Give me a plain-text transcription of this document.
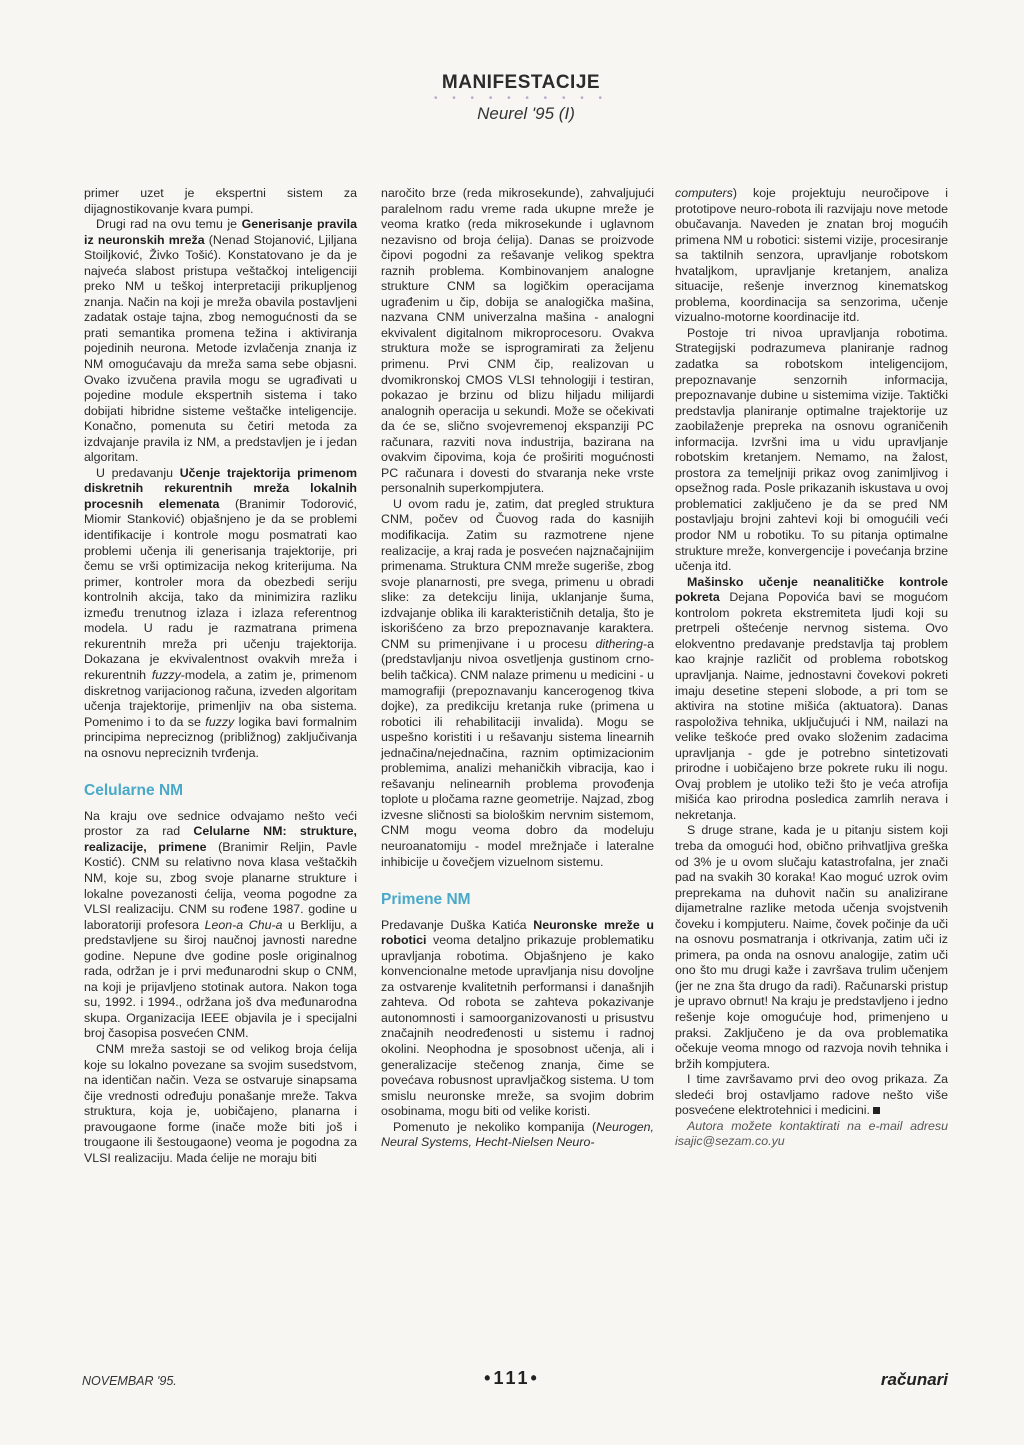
MANIFESTACIJE
• • • • • • • • • •
Neurel '95 (I)

primer uzet je ekspertni sistem za dijagnostikovanje kvara pumpi.

Drugi rad na ovu temu je Generisanje pravila iz neuronskih mreža (Nenad Stojanović, Ljiljana Stoiljković, Živko Tošić). Konstatovano je da je najveća slabost pristupa veštačkoj inteligenciji preko NM u teškoj interpretaciji prikupljenog znanja. Način na koji je mreža obavila postavljeni zadatak ostaje tajna, zbog nemogućnosti da se prati semantika promena težina i aktiviranja pojedinih neurona. Metode izvlačenja znanja iz NM omogućavaju da mreža sama sebe objasni. Ovako izvučena pravila mogu se ugrađivati u pojedine module ekspertnih sistema i tako dobijati hibridne sisteme veštačke inteligencije. Konačno, pomenuta su četiri metoda za izdvajanje pravila iz NM, a predstavljen je i jedan algoritam.

U predavanju Učenje trajektorija primenom diskretnih rekurentnih mreža lokalnih procesnih elemenata (Branimir Todorović, Miomir Stanković) objašnjeno je da se problemi identifikacije i kontrole mogu posmatrati kao problemi učenja ili generisanja trajektorije, pri čemu se vrši optimizacija nekog kriterijuma. Na primer, kontroler mora da obezbedi seriju kontrolnih akcija, tako da minimizira razliku između trenutnog izlaza i izlaza referentnog modela. U radu je razmatrana primena rekurentnih mreža pri učenju trajektorija. Dokazana je ekvivalentnost ovakvih mreža i rekurentnih fuzzy-modela, a zatim je, primenom diskretnog varijacionog računa, izveden algoritam učenja trajektorije, primenljiv na oba sistema. Pomenimo i to da se fuzzy logika bavi formalnim principima nepreciznog (približnog) zaključivanja na osnovu nepreciznih tvrđenja.

Celularne NM

Na kraju ove sednice odvajamo nešto veći prostor za rad Celularne NM: strukture, realizacije, primene (Branimir Reljin, Pavle Kostić). CNM su relativno nova klasa veštačkih NM, koje su, zbog svoje planarne strukture i lokalne povezanosti ćelija, veoma pogodne za VLSI realizaciju. CNM su rođene 1987. godine u laboratoriji profesora Leon-a Chu-a u Berkliju, a predstavljene su široj naučnoj javnosti naredne godine. Nepune dve godine posle originalnog rada, održan je i prvi međunarodni skup o CNM, na koji je prijavljeno stotinak autora. Nakon toga su, 1992. i 1994., održana još dva međunarodna skupa. Organizacija IEEE objavila je i specijalni broj časopisa posvećen CNM.

CNM mreža sastoji se od velikog broja ćelija koje su lokalno povezane sa svojim susedstvom, na identičan način. Veza se ostvaruje sinapsama čije vrednosti određuju ponašanje mreže. Takva struktura, koja je, uobičajeno, planarna i pravougaone forme (inače može biti još i trougaone ili šestougaone) veoma je pogodna za VLSI realizaciju. Mada ćelije ne moraju biti

naročito brze (reda mikrosekunde), zahvaljujući paralelnom radu vreme rada ukupne mreže je veoma kratko (reda mikrosekunde i uglavnom nezavisno od broja ćelija). Danas se proizvode čipovi pogodni za rešavanje velikog spektra raznih problema. Kombinovanjem analogne strukture CNM sa logičkim operacijama ugrađenim u čip, dobija se analogička mašina, nazvana CNM univerzalna mašina - analogni ekvivalent digitalnom mikroprocesoru. Ovakva struktura može se isprogramirati za željenu primenu. Prvi CNM čip, realizovan u dvomikronskoj CMOS VLSI tehnologiji i testiran, pokazao je brzinu od blizu hiljadu milijardi analognih operacija u sekundi. Može se očekivati da će se, slično svojevremenoj ekspanziji PC računara, razviti nova industrija, bazirana na ovakvim čipovima, koja će proširiti mogućnosti PC računara i dovesti do stvaranja neke vrste personalnih superkompjutera.

U ovom radu je, zatim, dat pregled struktura CNM, počev od Čuovog rada do kasnijih modifikacija. Zatim su razmotrene njene realizacije, a kraj rada je posvećen najznačajnijim primenama. Struktura CNM mreže sugeriše, zbog svoje planarnosti, pre svega, primenu u obradi slike: za detekciju linija, uklanjanje šuma, izdvajanje oblika ili karakterističnih detalja, što je iskorišćeno za brzo prepoznavanje karaktera. CNM su primenjivane i u procesu dithering-a (predstavljanju nivoa osvetljenja gustinom crno-belih tačkica). CNM nalaze primenu u medicini - u mamografiji (prepoznavanju kancerogenog tkiva dojke), za predikciju kretanja ruke (primena u robotici ili rehabilitaciji invalida). Mogu se uspešno koristiti i u rešavanju sistema linearnih jednačina/nejednačina, raznim optimizacionim problemima, analizi mehaničkih vibracija, kao i rešavanju nelinearnih problema provođenja toplote u pločama razne geometrije. Najzad, zbog izvesne sličnosti sa biološkim nervnim sistemom, CNM mogu veoma dobro da modeluju neuroanatomiju - model mrežnjače i lateralne inhibicije u čovečjem vizuelnom sistemu.

Primene NM

Predavanje Duška Katića Neuronske mreže u robotici veoma detaljno prikazuje problematiku upravljanja robotima. Objašnjeno je kako konvencionalne metode upravljanja nisu dovoljne za ostvarenje kvalitetnih performansi i današnjih zahteva. Od robota se zahteva pokazivanje autonomnosti i samoorganizovanosti u prisustvu značajnih neodređenosti u sistemu i radnoj okolini. Neophodna je sposobnost učenja, ali i generalizacije stečenog znanja, čime se povećava robusnost upravljačkog sistema. U tom smislu neuronske mreže, sa svojim dobrim osobinama, mogu biti od velike koristi.

Pomenuto je nekoliko kompanija (Neurogen, Neural Systems, Hecht-Nielsen Neuro-

computers) koje projektuju neuročipove i prototipove neuro-robota ili razvijaju nove metode obučavanja. Naveden je znatan broj mogućih primena NM u robotici: sistemi vizije, procesiranje sa taktilnih senzora, upravljanje robotskom hvataljkom, upravljanje kretanjem, analiza situacije, rešenje inverznog kinematskog problema, koordinacija sa senzorima, učenje vizualno-motorne koordinacije itd.

Postoje tri nivoa upravljanja robotima. Strategijski podrazumeva planiranje radnog zadatka sa robotskom inteligencijom, prepoznavanje senzornih informacija, prepoznavanje dubine u sistemima vizije. Taktički predstavlja planiranje optimalne trajektorije uz zaobilaženje prepreka na osnovu ograničenih informacija. Izvršni ima u vidu upravljanje robotskim kretanjem. Nemamo, na žalost, prostora za temeljniji prikaz ovog zanimljivog i opsežnog rada. Posle prikazanih iskustava u ovoj problematici zaključeno je da se pred NM postavljaju brojni zahtevi koji bi omogućili veći prodor NM u robotiku. To su pitanja optimalne strukture mreže, konvergencije i povećanja brzine učenja itd.

Mašinsko učenje neanalitičke kontrole pokreta Dejana Popovića bavi se mogućom kontrolom pokreta ekstremiteta ljudi koji su pretrpeli oštećenje nervnog sistema. Ovo elokventno predavanje predstavlja taj problem kao krajnje različit od problema robotskog upravljanja. Naime, jednostavni čovekovi pokreti imaju desetine stepeni slobode, a pri tom se aktivira na stotine mišića (aktuatora). Danas raspoloživa tehnika, uključujući i NM, nailazi na velike teškoće pred ovako složenim zadacima upravljanja - gde je potrebno sintetizovati prirodne i uobičajeno brze pokrete ruku ili nogu. Ovaj problem je utoliko teži što je veća atrofija mišića kao prirodna posledica zamrlih nerava i nekretanja.

S druge strane, kada je u pitanju sistem koji treba da omogući hod, obično prihvatljiva greška od 3% je u ovom slučaju katastrofalna, jer znači pad na svakih 30 koraka! Kao moguć uzrok ovim preprekama na duhovit način su analizirane dijametralne razlike metoda učenja svojstvenih čoveku i kompjuteru. Naime, čovek počinje da uči na osnovu posmatranja i otkrivanja, zatim uči iz primera, pa onda na osnovu analogije, zatim uči ono što mu drugi kaže i završava trulim učenjem (jer ne zna šta drugo da radi). Računarski pristup je upravo obrnut! Na kraju je predstavljeno i jedno rešenje koje omogućuje hod, primenjeno u praksi. Zaključeno je da ova problematika očekuje veoma mnogo od razvoja novih tehnika i bržih kompjutera.

I time završavamo prvi deo ovog prikaza. Za sledeći broj ostavljamo radove nešto više posvećene elektrotehnici i medicini.

Autora možete kontaktirati na e-mail adresu isajic@sezam.co.yu

NOVEMBAR '95.	•111•	računari
